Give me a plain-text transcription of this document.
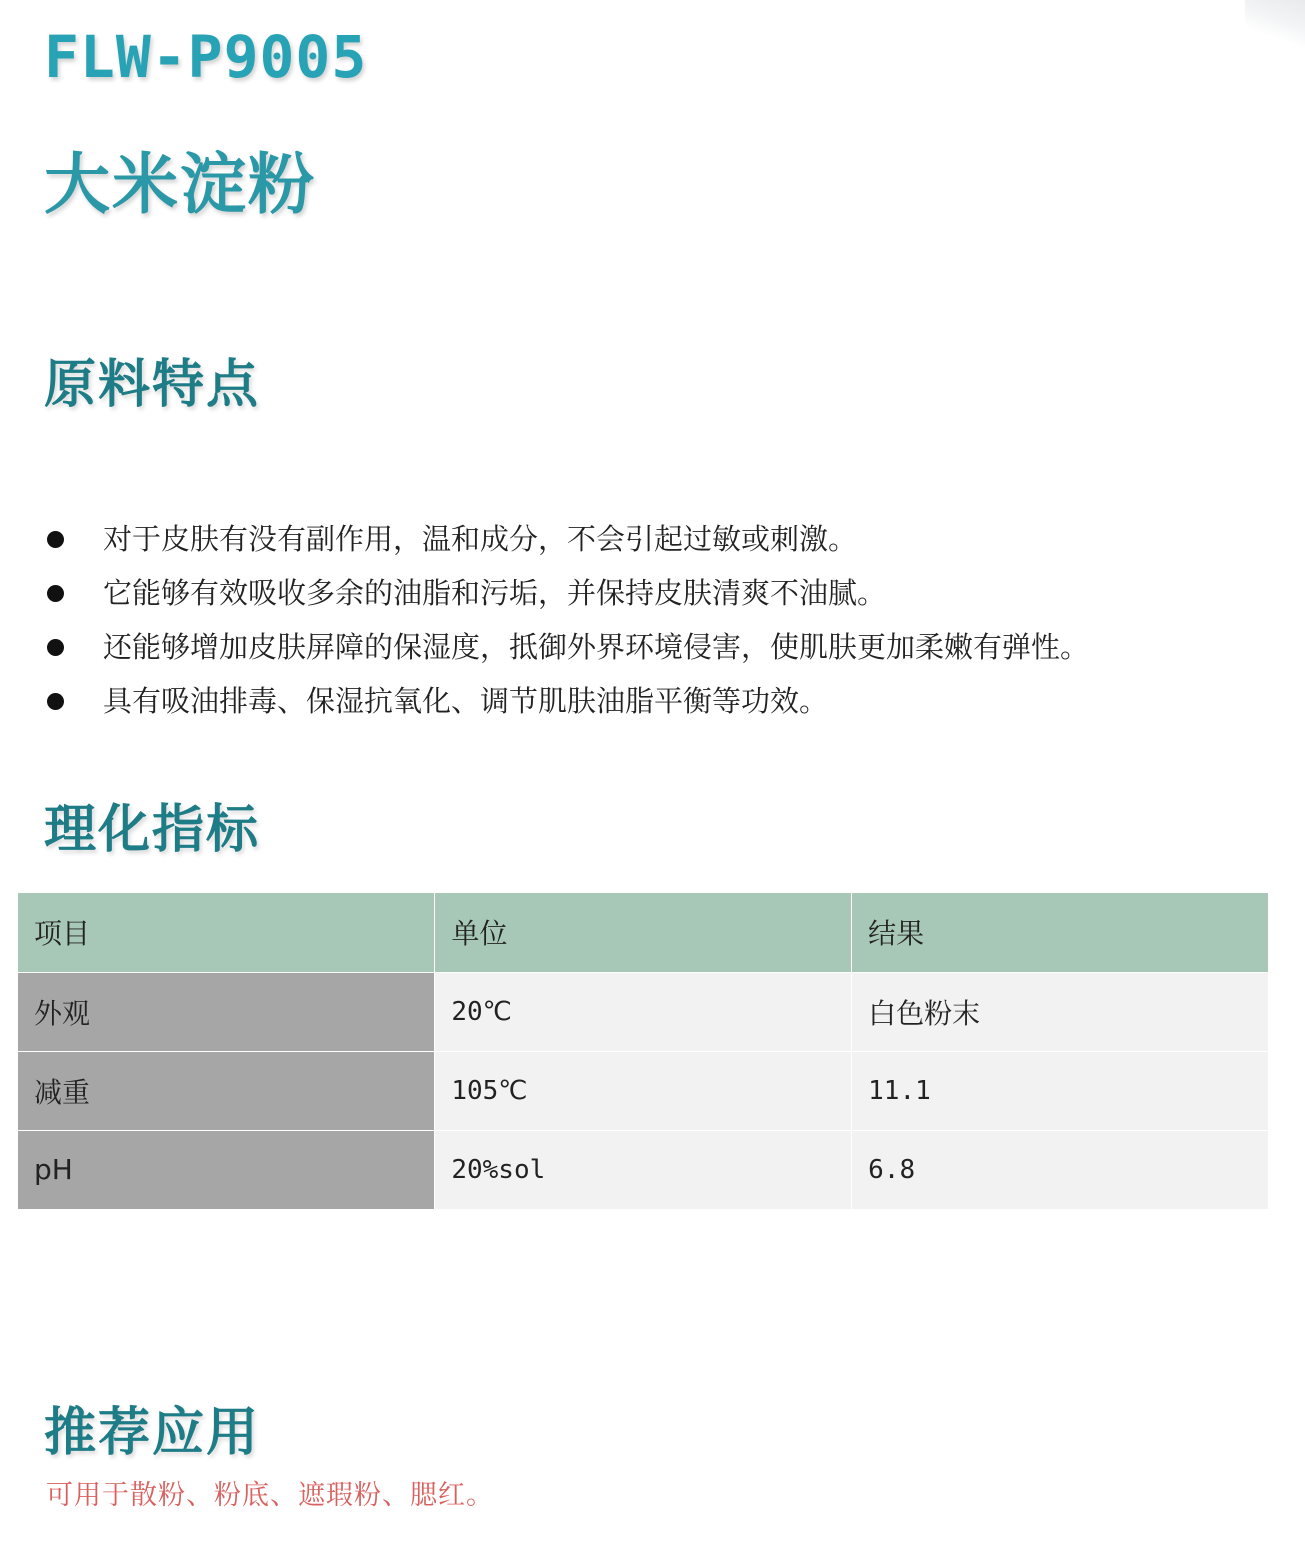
FLW-P9005
大米淀粉
原料特点
对于皮肤有没有副作用，温和成分，不会引起过敏或刺激。
它能够有效吸收多余的油脂和污垢，并保持皮肤清爽不油腻。
还能够增加皮肤屏障的保湿度，抵御外界环境侵害，使肌肤更加柔嫩有弹性。
具有吸油排毒、保湿抗氧化、调节肌肤油脂平衡等功效。
理化指标
项目	单位	结果
外观	20℃	白色粉末
减重	105℃	11.1
pH	20%sol	6.8
推荐应用
可用于散粉、粉底、遮瑕粉、腮红。
